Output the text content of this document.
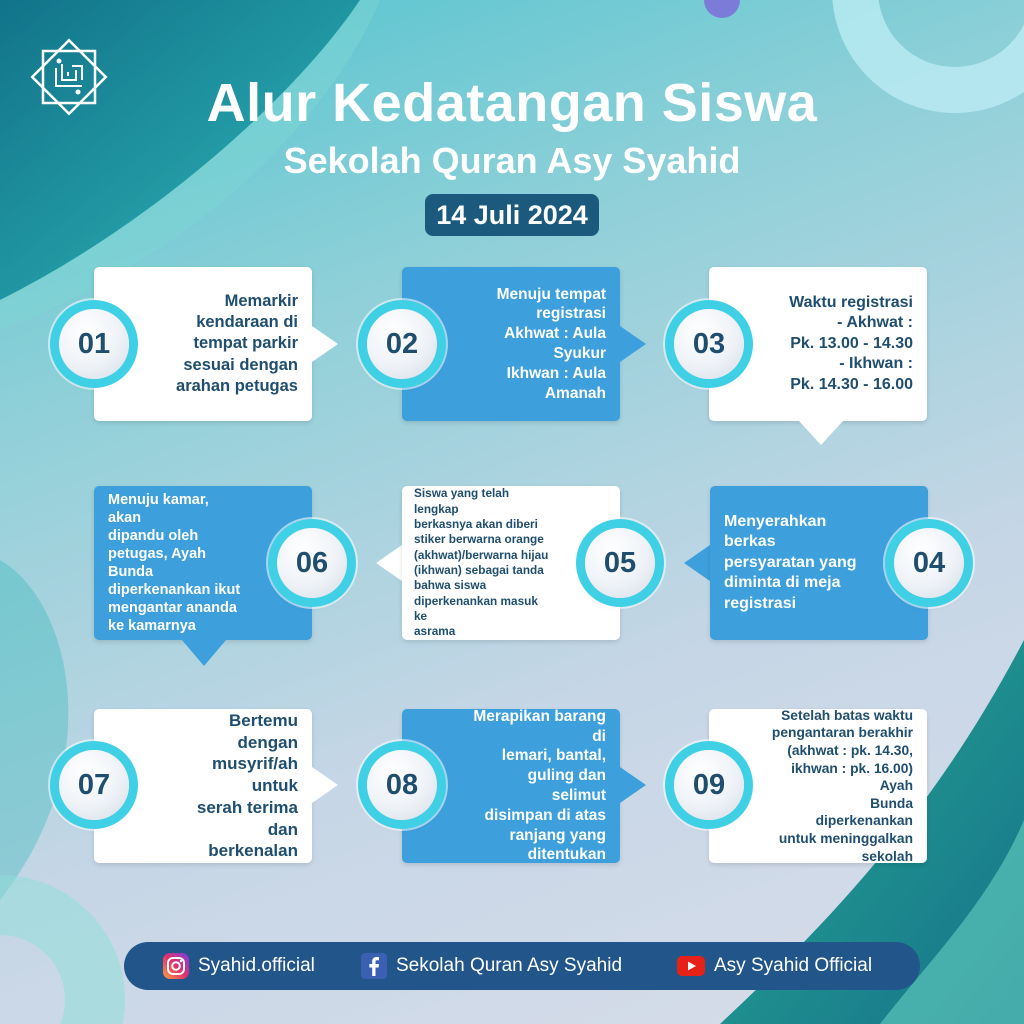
Alur Kedatangan Siswa
Sekolah Quran Asy Syahid
14 Juli 2024
Memarkir
kendaraan di
tempat parkir
sesuai dengan
arahan petugas
01
Menuju tempat
registrasi
Akhwat : Aula
Syukur
Ikhwan : Aula
Amanah
02
Waktu registrasi
- Akhwat :
Pk. 13.00 - 14.30
- Ikhwan :
Pk. 14.30 - 16.00
03
Menuju kamar, akan
dipandu oleh
petugas, Ayah
Bunda
diperkenankan ikut
mengantar ananda
ke kamarnya
06
Siswa yang telah lengkap
berkasnya akan diberi
stiker berwarna orange
(akhwat)/berwarna hijau
(ikhwan) sebagai tanda
bahwa siswa
diperkenankan masuk ke
asrama
05
Menyerahkan
berkas
persyaratan yang
diminta di meja
registrasi
04
Bertemu dengan
musyrif/ah untuk
serah terima dan
berkenalan
07
Merapikan barang di
lemari, bantal,
guling dan selimut
disimpan di atas
ranjang yang
ditentukan
08
Setelah batas waktu
pengantaran berakhir
(akhwat : pk. 14.30,
ikhwan : pk. 16.00) Ayah
Bunda diperkenankan
untuk meninggalkan
sekolah
09
Syahid.official	Sekolah Quran Asy Syahid	Asy Syahid Official
